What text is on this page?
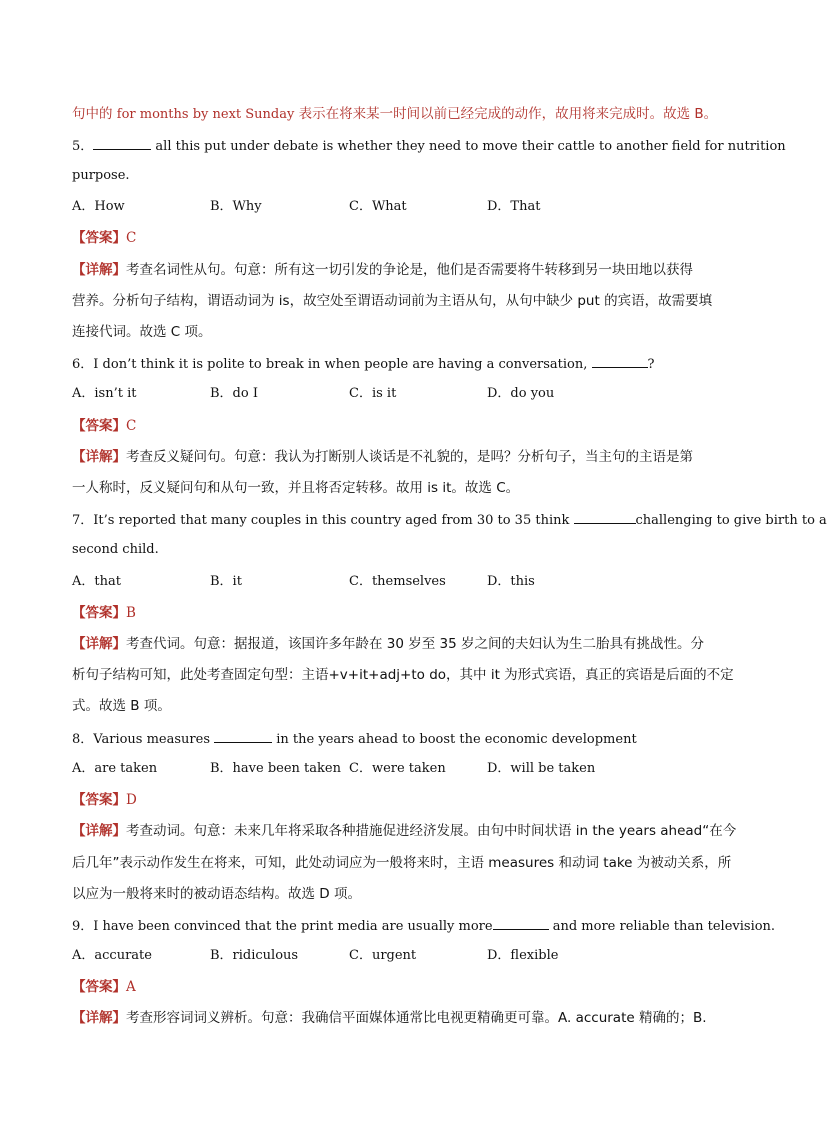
句中的 for months by next Sunday 表示在将来某一时间以前已经完成的动作，故用将来完成时。故选 B。
5．	all this put under debate is whether they need to move their cattle to another field for nutrition
purpose.
A．How	B．Why	C．What	D．That
【答案】C
【详解】考查名词性从句。句意：所有这一切引发的争论是，他们是否需要将牛转移到另一块田地以获得
营养。分析句子结构，谓语动词为 is，故空处至谓语动词前为主语从句，从句中缺少 put 的宾语，故需要填
连接代词。故选 C 项。
6．I don’t think it is polite to break in when people are having a conversation,	?
A．isn’t it	B．do I	C．is it	D．do you
【答案】C
【详解】考查反义疑问句。句意：我认为打断别人谈话是不礼貌的，是吗？分析句子，当主句的主语是第
一人称时，反义疑问句和从句一致，并且将否定转移。故用 is it。故选 C。
7．It’s reported that many couples in this country aged from 30 to 35 think	challenging to give birth to a
second child.
A．that	B．it	C．themselves	D．this
【答案】B
【详解】考查代词。句意：据报道，该国许多年龄在 30 岁至 35 岁之间的夫妇认为生二胎具有挑战性。分
析句子结构可知，此处考查固定句型：主语+v+it+adj+to do，其中 it 为形式宾语，真正的宾语是后面的不定
式。故选 B 项。
8．Various measures	in the years ahead to boost the economic development
A．are taken	B．have been taken C．were taken	D．will be taken
【答案】D
【详解】考查动词。句意：未来几年将采取各种措施促进经济发展。由句中时间状语 in the years ahead“在今
后几年”表示动作发生在将来，可知，此处动词应为一般将来时，主语 measures 和动词 take 为被动关系，所
以应为一般将来时的被动语态结构。故选 D 项。
9．I have been convinced that the print media are usually more	and more reliable than television.
A．accurate	B．ridiculous	C．urgent	D．flexible
【答案】A
【详解】考查形容词词义辨析。句意：我确信平面媒体通常比电视更精确更可靠。A. accurate 精确的；B.
